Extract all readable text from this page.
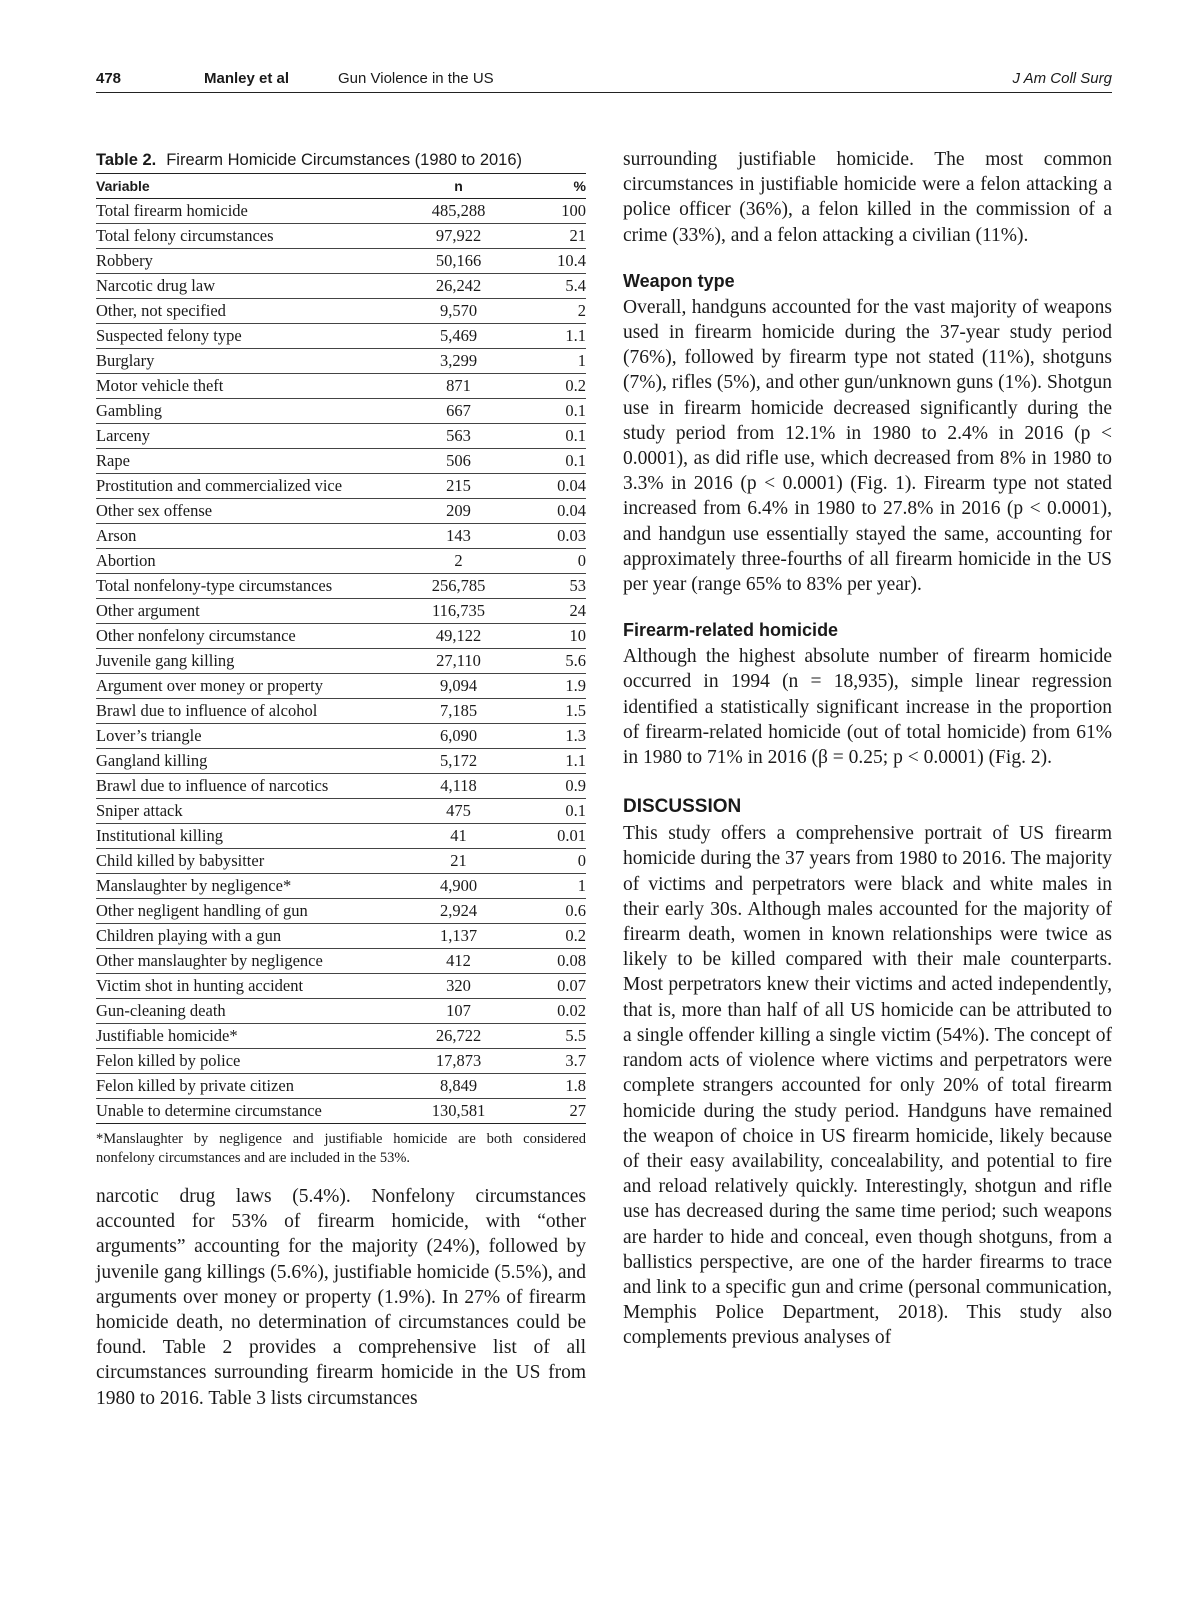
478	Manley et al	Gun Violence in the US	J Am Coll Surg
Table 2. Firearm Homicide Circumstances (1980 to 2016)
Variable	n	%
Total firearm homicide	485,288	100
Total felony circumstances	97,922	21
Robbery	50,166	10.4
Narcotic drug law	26,242	5.4
Other, not specified	9,570	2
Suspected felony type	5,469	1.1
Burglary	3,299	1
Motor vehicle theft	871	0.2
Gambling	667	0.1
Larceny	563	0.1
Rape	506	0.1
Prostitution and commercialized vice	215	0.04
Other sex offense	209	0.04
Arson	143	0.03
Abortion	2	0
Total nonfelony-type circumstances	256,785	53
Other argument	116,735	24
Other nonfelony circumstance	49,122	10
Juvenile gang killing	27,110	5.6
Argument over money or property	9,094	1.9
Brawl due to influence of alcohol	7,185	1.5
Lover’s triangle	6,090	1.3
Gangland killing	5,172	1.1
Brawl due to influence of narcotics	4,118	0.9
Sniper attack	475	0.1
Institutional killing	41	0.01
Child killed by babysitter	21	0
Manslaughter by negligence*	4,900	1
Other negligent handling of gun	2,924	0.6
Children playing with a gun	1,137	0.2
Other manslaughter by negligence	412	0.08
Victim shot in hunting accident	320	0.07
Gun-cleaning death	107	0.02
Justifiable homicide*	26,722	5.5
Felon killed by police	17,873	3.7
Felon killed by private citizen	8,849	1.8
Unable to determine circumstance	130,581	27
*Manslaughter by negligence and justifiable homicide are both considered nonfelony circumstances and are included in the 53%.

narcotic drug laws (5.4%). Nonfelony circumstances accounted for 53% of firearm homicide, with “other arguments” accounting for the majority (24%), followed by juvenile gang killings (5.6%), justifiable homicide (5.5%), and arguments over money or property (1.9%). In 27% of firearm homicide death, no determination of circumstances could be found. Table 2 provides a comprehensive list of all circumstances surrounding firearm homicide in the US from 1980 to 2016. Table 3 lists circumstances

surrounding justifiable homicide. The most common circumstances in justifiable homicide were a felon attacking a police officer (36%), a felon killed in the commission of a crime (33%), and a felon attacking a civilian (11%).

Weapon type

Overall, handguns accounted for the vast majority of weapons used in firearm homicide during the 37-year study period (76%), followed by firearm type not stated (11%), shotguns (7%), rifles (5%), and other gun/unknown guns (1%). Shotgun use in firearm homicide decreased significantly during the study period from 12.1% in 1980 to 2.4% in 2016 (p < 0.0001), as did rifle use, which decreased from 8% in 1980 to 3.3% in 2016 (p < 0.0001) (Fig. 1). Firearm type not stated increased from 6.4% in 1980 to 27.8% in 2016 (p < 0.0001), and handgun use essentially stayed the same, accounting for approximately three-fourths of all firearm homicide in the US per year (range 65% to 83% per year).

Firearm-related homicide

Although the highest absolute number of firearm homicide occurred in 1994 (n = 18,935), simple linear regression identified a statistically significant increase in the proportion of firearm-related homicide (out of total homicide) from 61% in 1980 to 71% in 2016 (β = 0.25; p < 0.0001) (Fig. 2).

DISCUSSION

This study offers a comprehensive portrait of US firearm homicide during the 37 years from 1980 to 2016. The majority of victims and perpetrators were black and white males in their early 30s. Although males accounted for the majority of firearm death, women in known relationships were twice as likely to be killed compared with their male counterparts. Most perpetrators knew their victims and acted independently, that is, more than half of all US homicide can be attributed to a single offender killing a single victim (54%). The concept of random acts of violence where victims and perpetrators were complete strangers accounted for only 20% of total firearm homicide during the study period. Handguns have remained the weapon of choice in US firearm homicide, likely because of their easy availability, concealability, and potential to fire and reload relatively quickly. Interestingly, shotgun and rifle use has decreased during the same time period; such weapons are harder to hide and conceal, even though shotguns, from a ballistics perspective, are one of the harder firearms to trace and link to a specific gun and crime (personal communication, Memphis Police Department, 2018). This study also complements previous analyses of
